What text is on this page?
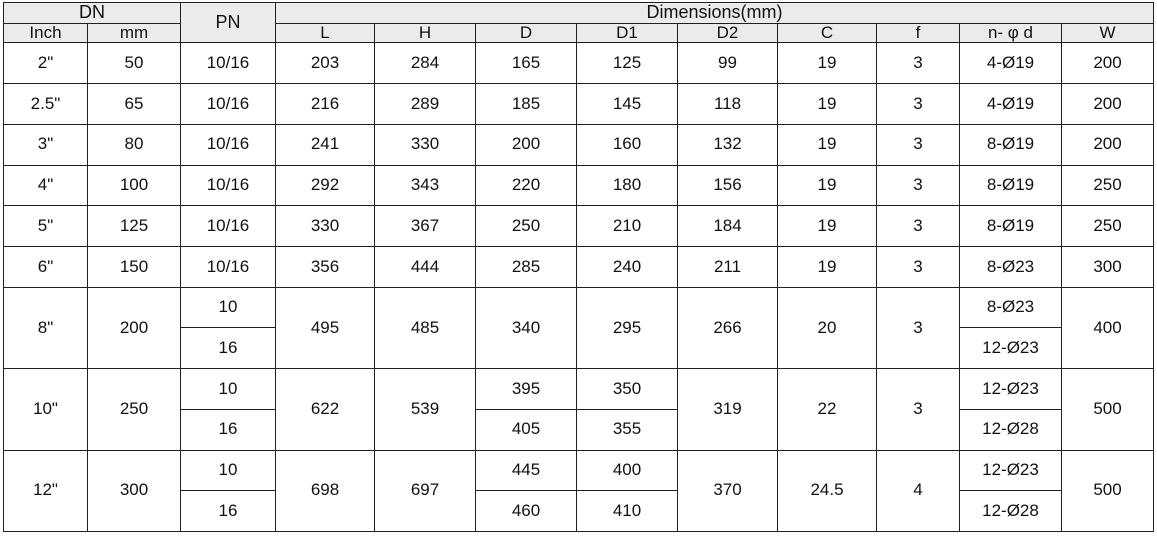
DN		PN	Dimensions(mm)								
Inch	mm		L	H	D	D1	D2	C	f	n- φ d	W
2"	50	10/16	203	284	165	125	99	19	3	4-Ø19	200
2.5"	65	10/16	216	289	185	145	118	19	3	4-Ø19	200
3"	80	10/16	241	330	200	160	132	19	3	8-Ø19	200
4"	100	10/16	292	343	220	180	156	19	3	8-Ø19	250
5"	125	10/16	330	367	250	210	184	19	3	8-Ø19	250
6"	150	10/16	356	444	285	240	211	19	3	8-Ø23	300
8"	200	10	495	485	340	295	266	20	3	8-Ø23	400
		16								12-Ø23	
10"	250	10	622	539	395	350	319	22	3	12-Ø23	500
		16			405	355				12-Ø28	
12"	300	10	698	697	445	400	370	24.5	4	12-Ø23	500
		16			460	410				12-Ø28	
